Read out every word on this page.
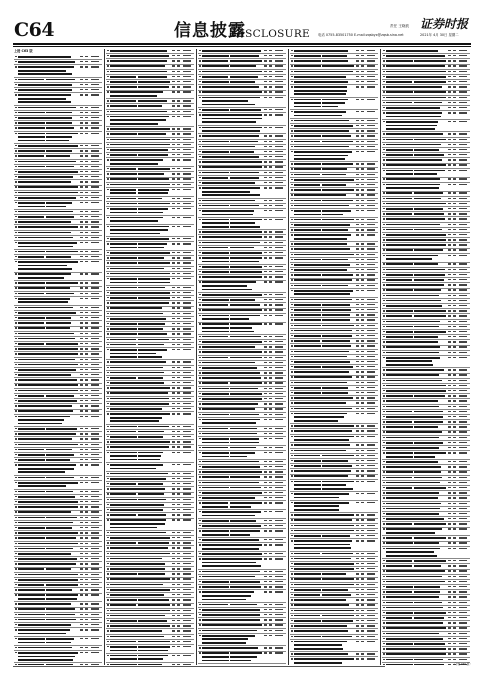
C64	信息披露
DISCLOSURE
责任 王晓波
电话 0755-83501750 E-mail:zqsbyx@zqsb.sina.net
证券时报
2021年 4月 30日 星期二
上接 C63 版
（下转 C65 版）
